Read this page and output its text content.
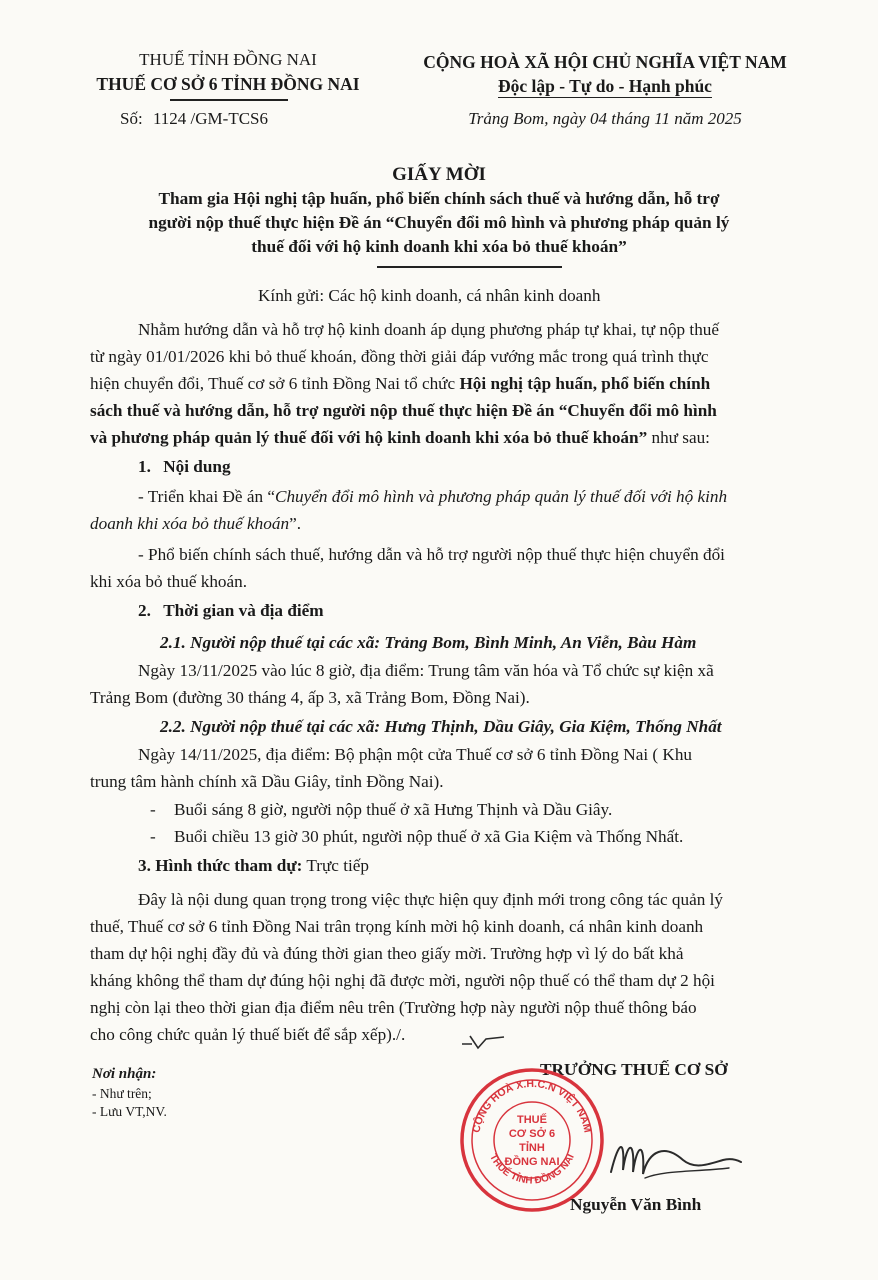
THUẾ TỈNH ĐỒNG NAI
THUẾ CƠ SỞ 6 TỈNH ĐỒNG NAI
Số: 1124 /GM-TCS6
CỘNG HOÀ XÃ HỘI CHỦ NGHĨA VIỆT NAM
Độc lập - Tự do - Hạnh phúc
Trảng Bom, ngày 04 tháng 11 năm 2025
GIẤY MỜI
Tham gia Hội nghị tập huấn, phổ biến chính sách thuế và hướng dẫn, hỗ trợ
người nộp thuế thực hiện Đề án “Chuyển đổi mô hình và phương pháp quản lý
thuế đối với hộ kinh doanh khi xóa bỏ thuế khoán”
Kính gửi: Các hộ kinh doanh, cá nhân kinh doanh
Nhằm hướng dẫn và hỗ trợ hộ kinh doanh áp dụng phương pháp tự khai, tự nộp thuế
từ ngày 01/01/2026 khi bỏ thuế khoán, đồng thời giải đáp vướng mắc trong quá trình thực
hiện chuyển đổi, Thuế cơ sở 6 tỉnh Đồng Nai tổ chức Hội nghị tập huấn, phổ biến chính
sách thuế và hướng dẫn, hỗ trợ người nộp thuế thực hiện Đề án “Chuyển đổi mô hình
và phương pháp quản lý thuế đối với hộ kinh doanh khi xóa bỏ thuế khoán” như sau:
1. Nội dung
- Triển khai Đề án “Chuyển đổi mô hình và phương pháp quản lý thuế đối với hộ kinh
doanh khi xóa bỏ thuế khoán”.
- Phổ biến chính sách thuế, hướng dẫn và hỗ trợ người nộp thuế thực hiện chuyển đổi
khi xóa bỏ thuế khoán.
2. Thời gian và địa điểm
2.1. Người nộp thuế tại các xã: Trảng Bom, Bình Minh, An Viễn, Bàu Hàm
Ngày 13/11/2025 vào lúc 8 giờ, địa điểm: Trung tâm văn hóa và Tổ chức sự kiện xã
Trảng Bom (đường 30 tháng 4, ấp 3, xã Trảng Bom, Đồng Nai).
2.2. Người nộp thuế tại các xã: Hưng Thịnh, Dầu Giây, Gia Kiệm, Thống Nhất
Ngày 14/11/2025, địa điểm: Bộ phận một cửa Thuế cơ sở 6 tỉnh Đồng Nai ( Khu
trung tâm hành chính xã Dầu Giây, tỉnh Đồng Nai).
- Buổi sáng 8 giờ, người nộp thuế ở xã Hưng Thịnh và Dầu Giây.
- Buổi chiều 13 giờ 30 phút, người nộp thuế ở xã Gia Kiệm và Thống Nhất.
3. Hình thức tham dự: Trực tiếp
Đây là nội dung quan trọng trong việc thực hiện quy định mới trong công tác quản lý
thuế, Thuế cơ sở 6 tỉnh Đồng Nai trân trọng kính mời hộ kinh doanh, cá nhân kinh doanh
tham dự hội nghị đầy đủ và đúng thời gian theo giấy mời. Trường hợp vì lý do bất khả
kháng không thể tham dự đúng hội nghị đã được mời, người nộp thuế có thể tham dự 2 hội
nghị còn lại theo thời gian địa điểm nêu trên (Trường hợp này người nộp thuế thông báo
cho công chức quản lý thuế biết để sắp xếp)./.
Nơi nhận:
- Như trên;
- Lưu VT,NV.
TRƯỞNG THUẾ CƠ SỞ
CỘNG HOÀ X.H.C.N VIỆT NAM
THUẾ TỈNH ĐỒNG NAI
THUẾ
CƠ SỞ 6
TỈNH
ĐỒNG NAI
Nguyễn Văn Bình
